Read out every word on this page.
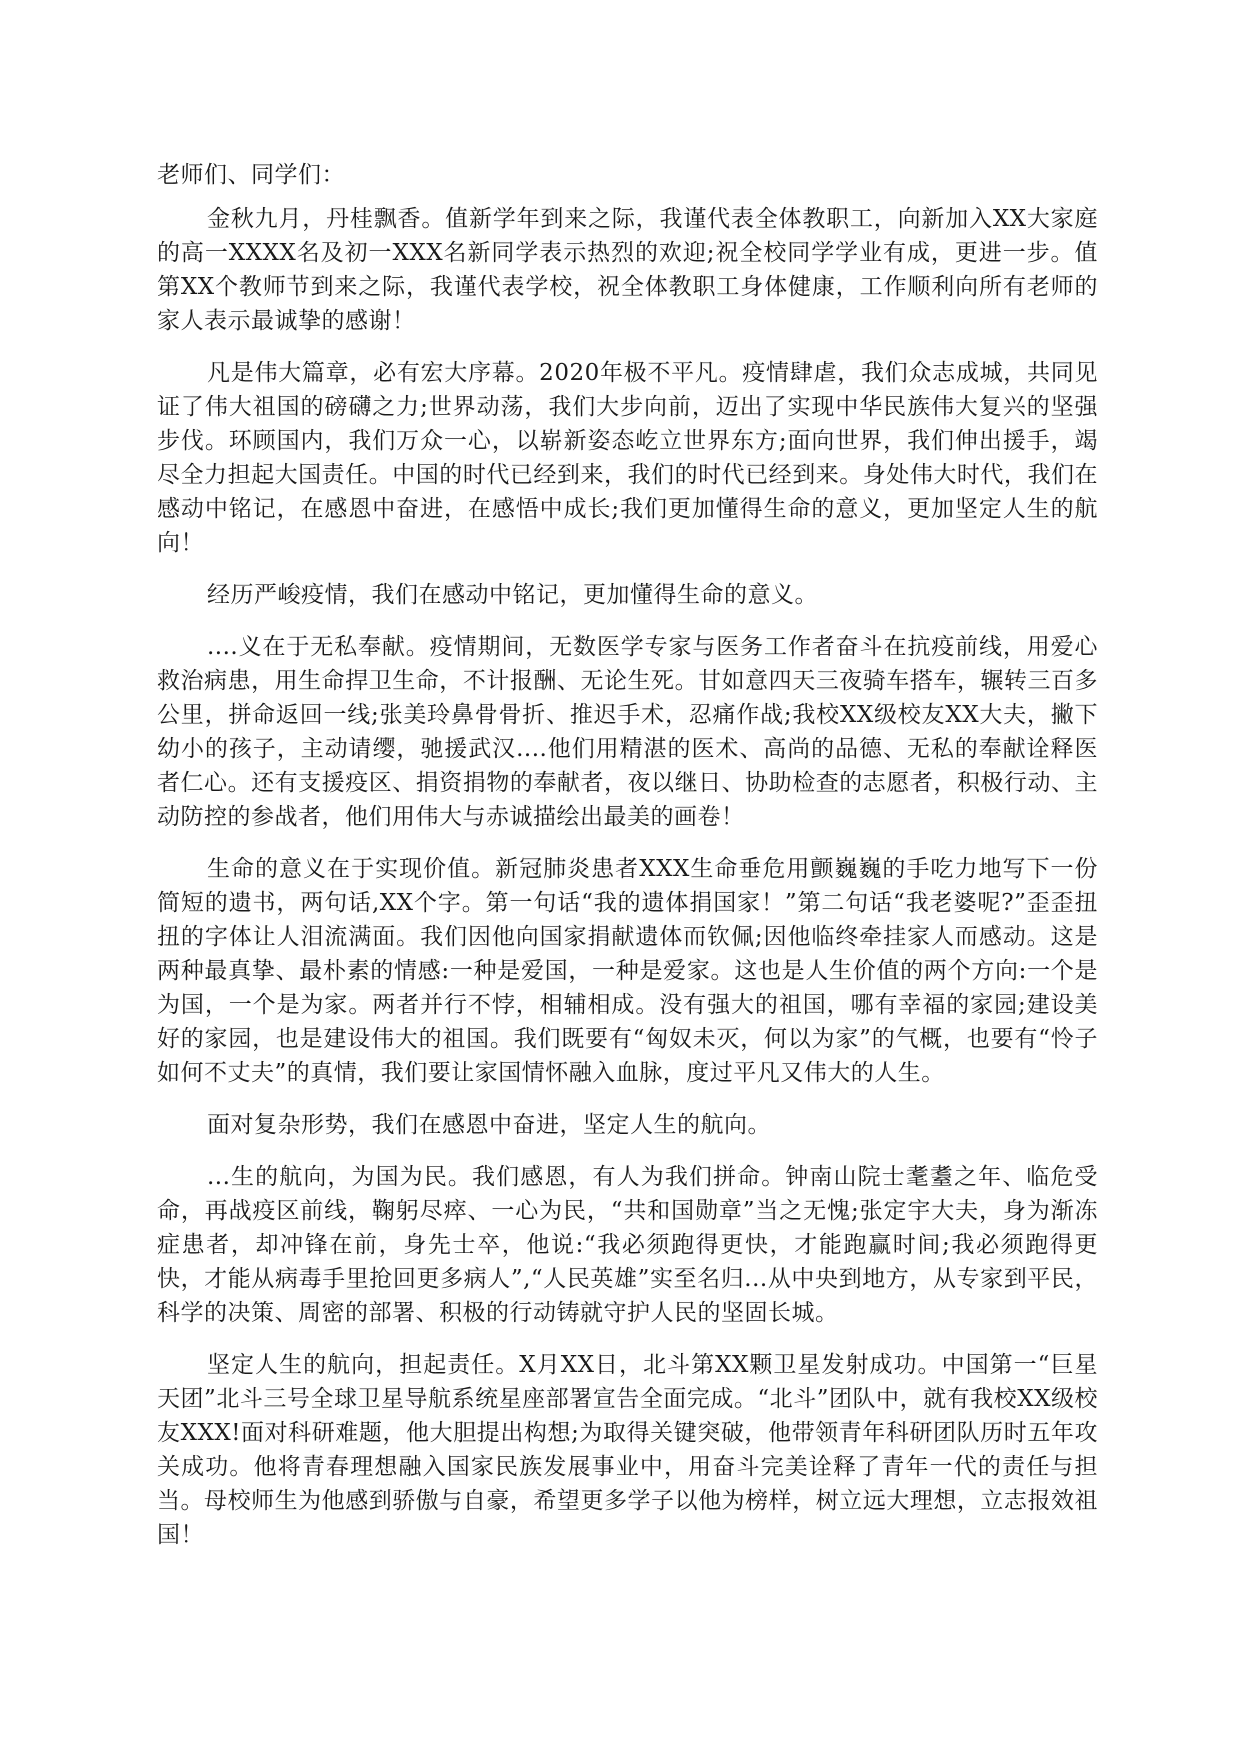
老师们、同学们：

金秋九月，丹桂飘香。值新学年到来之际，我谨代表全体教职工，向新加入XX大家庭的高一XXXX名及初一XXX名新同学表示热烈的欢迎;祝全校同学学业有成，更进一步。值第XX个教师节到来之际，我谨代表学校，祝全体教职工身体健康，工作顺利向所有老师的家人表示最诚挚的感谢！

凡是伟大篇章，必有宏大序幕。2020年极不平凡。疫情肆虐，我们众志成城，共同见证了伟大祖国的磅礴之力;世界动荡，我们大步向前，迈出了实现中华民族伟大复兴的坚强步伐。环顾国内，我们万众一心，以崭新姿态屹立世界东方;面向世界，我们伸出援手，竭尽全力担起大国责任。中国的时代已经到来，我们的时代已经到来。身处伟大时代，我们在感动中铭记，在感恩中奋进，在感悟中成长;我们更加懂得生命的意义，更加坚定人生的航向！

经历严峻疫情，我们在感动中铭记，更加懂得生命的意义。

....义在于无私奉献。疫情期间，无数医学专家与医务工作者奋斗在抗疫前线，用爱心救治病患，用生命捍卫生命，不计报酬、无论生死。甘如意四天三夜骑车搭车，辗转三百多公里，拼命返回一线;张美玲鼻骨骨折、推迟手术，忍痛作战;我校XX级校友XX大夫，撇下幼小的孩子，主动请缨，驰援武汉....他们用精湛的医术、高尚的品德、无私的奉献诠释医者仁心。还有支援疫区、捐资捐物的奉献者，夜以继日、协助检查的志愿者，积极行动、主动防控的参战者，他们用伟大与赤诚描绘出最美的画卷！

生命的意义在于实现价值。新冠肺炎患者XXX生命垂危用颤巍巍的手吃力地写下一份简短的遗书，两句话,XX个字。第一句话“我的遗体捐国家！”第二句话“我老婆呢?”歪歪扭扭的字体让人泪流满面。我们因他向国家捐献遗体而钦佩;因他临终牵挂家人而感动。这是两种最真挚、最朴素的情感:一种是爱国，一种是爱家。这也是人生价值的两个方向:一个是为国，一个是为家。两者并行不悖，相辅相成。没有强大的祖国，哪有幸福的家园;建设美好的家园，也是建设伟大的祖国。我们既要有“匈奴未灭，何以为家”的气概，也要有“怜子如何不丈夫”的真情，我们要让家国情怀融入血脉，度过平凡又伟大的人生。

面对复杂形势，我们在感恩中奋进，坚定人生的航向。

...生的航向，为国为民。我们感恩，有人为我们拼命。钟南山院士耄耋之年、临危受命，再战疫区前线，鞠躬尽瘁、一心为民，“共和国勋章”当之无愧;张定宇大夫，身为渐冻症患者，却冲锋在前，身先士卒，他说:“我必须跑得更快，才能跑赢时间;我必须跑得更快，才能从病毒手里抢回更多病人”,“人民英雄”实至名归...从中央到地方，从专家到平民，科学的决策、周密的部署、积极的行动铸就守护人民的坚固长城。

坚定人生的航向，担起责任。X月XX日，北斗第XX颗卫星发射成功。中国第一“巨星天团”北斗三号全球卫星导航系统星座部署宣告全面完成。“北斗”团队中，就有我校XX级校友XXX!面对科研难题，他大胆提出构想;为取得关键突破，他带领青年科研团队历时五年攻关成功。他将青春理想融入国家民族发展事业中，用奋斗完美诠释了青年一代的责任与担当。母校师生为他感到骄傲与自豪，希望更多学子以他为榜样，树立远大理想，立志报效祖国！
